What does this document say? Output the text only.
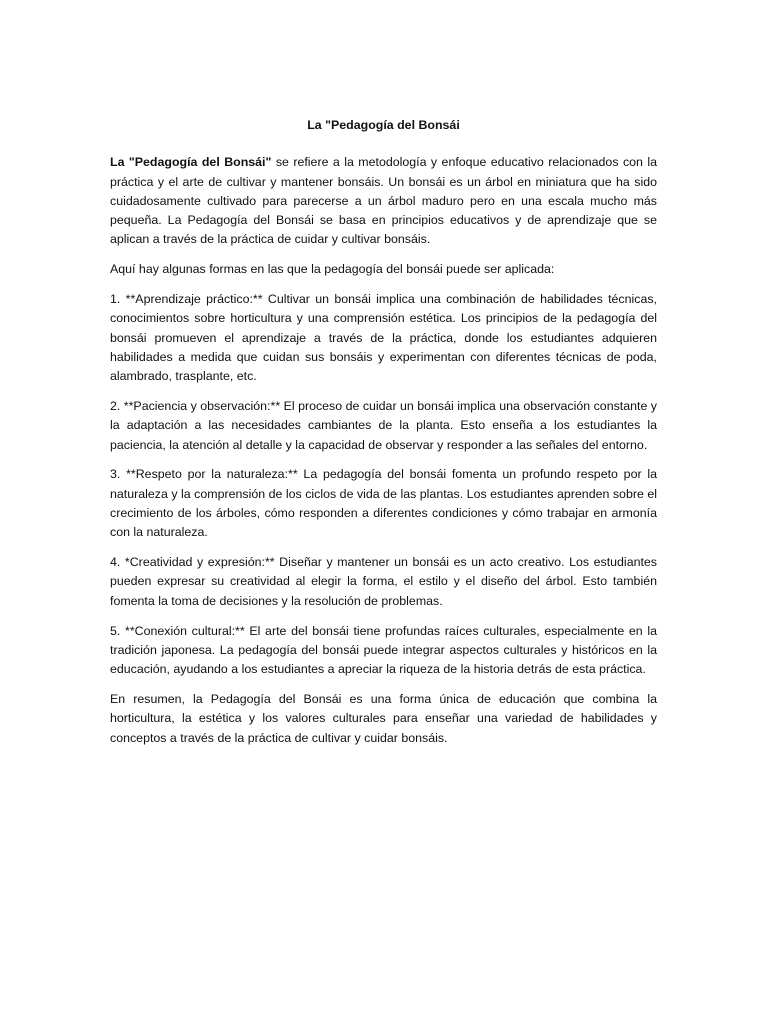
La "Pedagogía del Bonsái

La "Pedagogía del Bonsái" se refiere a la metodología y enfoque educativo relacionados con la práctica y el arte de cultivar y mantener bonsáis. Un bonsái es un árbol en miniatura que ha sido cuidadosamente cultivado para parecerse a un árbol maduro pero en una escala mucho más pequeña. La Pedagogía del Bonsái se basa en principios educativos y de aprendizaje que se aplican a través de la práctica de cuidar y cultivar bonsáis.

Aquí hay algunas formas en las que la pedagogía del bonsái puede ser aplicada:

1. **Aprendizaje práctico:** Cultivar un bonsái implica una combinación de habilidades técnicas, conocimientos sobre horticultura y una comprensión estética. Los principios de la pedagogía del bonsái promueven el aprendizaje a través de la práctica, donde los estudiantes adquieren habilidades a medida que cuidan sus bonsáis y experimentan con diferentes técnicas de poda, alambrado, trasplante, etc.

2. **Paciencia y observación:** El proceso de cuidar un bonsái implica una observación constante y la adaptación a las necesidades cambiantes de la planta. Esto enseña a los estudiantes la paciencia, la atención al detalle y la capacidad de observar y responder a las señales del entorno.

3. **Respeto por la naturaleza:** La pedagogía del bonsái fomenta un profundo respeto por la naturaleza y la comprensión de los ciclos de vida de las plantas. Los estudiantes aprenden sobre el crecimiento de los árboles, cómo responden a diferentes condiciones y cómo trabajar en armonía con la naturaleza.

4. *Creatividad y expresión:** Diseñar y mantener un bonsái es un acto creativo. Los estudiantes pueden expresar su creatividad al elegir la forma, el estilo y el diseño del árbol. Esto también fomenta la toma de decisiones y la resolución de problemas.

5. **Conexión cultural:** El arte del bonsái tiene profundas raíces culturales, especialmente en la tradición japonesa. La pedagogía del bonsái puede integrar aspectos culturales y históricos en la educación, ayudando a los estudiantes a apreciar la riqueza de la historia detrás de esta práctica.

En resumen, la Pedagogía del Bonsái es una forma única de educación que combina la horticultura, la estética y los valores culturales para enseñar una variedad de habilidades y conceptos a través de la práctica de cultivar y cuidar bonsáis.
